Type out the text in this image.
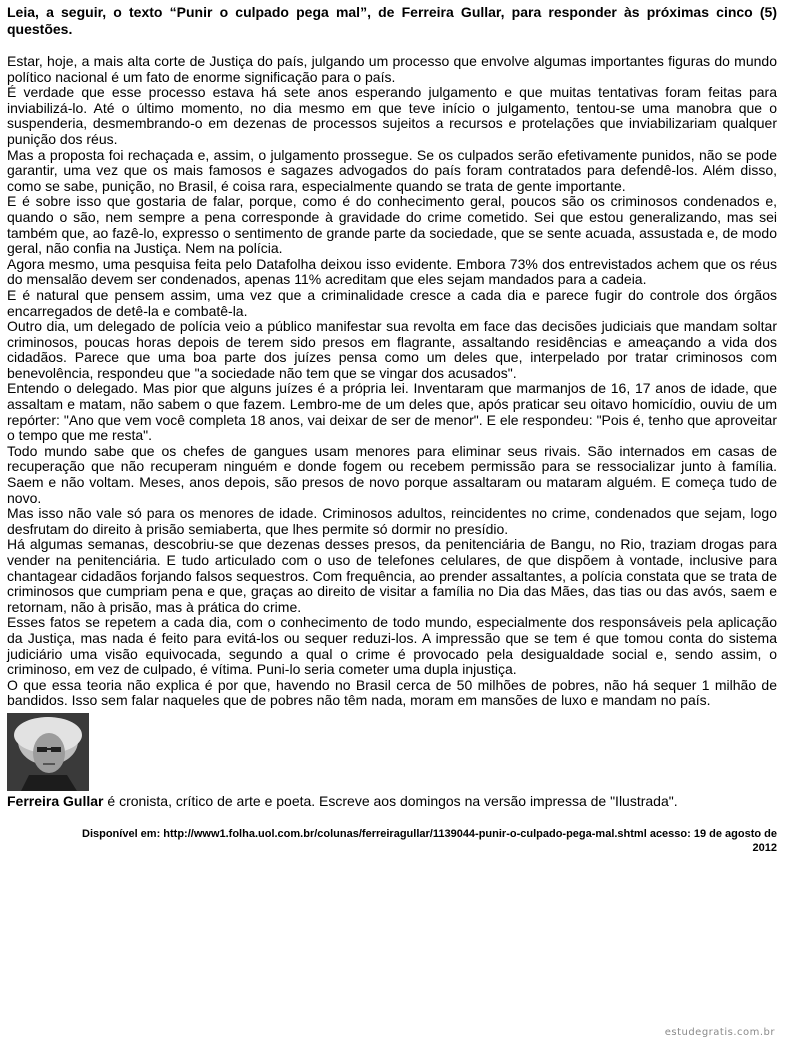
Leia, a seguir, o texto “Punir o culpado pega mal”, de Ferreira Gullar, para responder às próximas cinco (5) questões.

Estar, hoje, a mais alta corte de Justiça do país, julgando um processo que envolve algumas importantes figuras do mundo político nacional é um fato de enorme significação para o país.

É verdade que esse processo estava há sete anos esperando julgamento e que muitas tentativas foram feitas para inviabilizá-lo. Até o último momento, no dia mesmo em que teve início o julgamento, tentou-se uma manobra que o suspenderia, desmembrando-o em dezenas de processos sujeitos a recursos e protelações que inviabilizariam qualquer punição dos réus.

Mas a proposta foi rechaçada e, assim, o julgamento prossegue. Se os culpados serão efetivamente punidos, não se pode garantir, uma vez que os mais famosos e sagazes advogados do país foram contratados para defendê-los. Além disso, como se sabe, punição, no Brasil, é coisa rara, especialmente quando se trata de gente importante.

E é sobre isso que gostaria de falar, porque, como é do conhecimento geral, poucos são os criminosos condenados e, quando o são, nem sempre a pena corresponde à gravidade do crime cometido. Sei que estou generalizando, mas sei também que, ao fazê-lo, expresso o sentimento de grande parte da sociedade, que se sente acuada, assustada e, de modo geral, não confia na Justiça. Nem na polícia.

Agora mesmo, uma pesquisa feita pelo Datafolha deixou isso evidente. Embora 73% dos entrevistados achem que os réus do mensalão devem ser condenados, apenas 11% acreditam que eles sejam mandados para a cadeia.

E é natural que pensem assim, uma vez que a criminalidade cresce a cada dia e parece fugir do controle dos órgãos encarregados de detê-la e combatê-la.

Outro dia, um delegado de polícia veio a público manifestar sua revolta em face das decisões judiciais que mandam soltar criminosos, poucas horas depois de terem sido presos em flagrante, assaltando residências e ameaçando a vida dos cidadãos. Parece que uma boa parte dos juízes pensa como um deles que, interpelado por tratar criminosos com benevolência, respondeu que "a sociedade não tem que se vingar dos acusados".

Entendo o delegado. Mas pior que alguns juízes é a própria lei. Inventaram que marmanjos de 16, 17 anos de idade, que assaltam e matam, não sabem o que fazem. Lembro-me de um deles que, após praticar seu oitavo homicídio, ouviu de um repórter: "Ano que vem você completa 18 anos, vai deixar de ser de menor". E ele respondeu: "Pois é, tenho que aproveitar o tempo que me resta".

Todo mundo sabe que os chefes de gangues usam menores para eliminar seus rivais. São internados em casas de recuperação que não recuperam ninguém e donde fogem ou recebem permissão para se ressocializar junto à família. Saem e não voltam. Meses, anos depois, são presos de novo porque assaltaram ou mataram alguém. E começa tudo de novo.

Mas isso não vale só para os menores de idade. Criminosos adultos, reincidentes no crime, condenados que sejam, logo desfrutam do direito à prisão semiaberta, que lhes permite só dormir no presídio.

Há algumas semanas, descobriu-se que dezenas desses presos, da penitenciária de Bangu, no Rio, traziam drogas para vender na penitenciária. E tudo articulado com o uso de telefones celulares, de que dispõem à vontade, inclusive para chantagear cidadãos forjando falsos sequestros. Com frequência, ao prender assaltantes, a polícia constata que se trata de criminosos que cumpriam pena e que, graças ao direito de visitar a família no Dia das Mães, das tias ou das avós, saem e retornam, não à prisão, mas à prática do crime.

Esses fatos se repetem a cada dia, com o conhecimento de todo mundo, especialmente dos responsáveis pela aplicação da Justiça, mas nada é feito para evitá-los ou sequer reduzi-los. A impressão que se tem é que tomou conta do sistema judiciário uma visão equivocada, segundo a qual o crime é provocado pela desigualdade social e, sendo assim, o criminoso, em vez de culpado, é vítima. Puni-lo seria cometer uma dupla injustiça.

O que essa teoria não explica é por que, havendo no Brasil cerca de 50 milhões de pobres, não há sequer 1 milhão de bandidos. Isso sem falar naqueles que de pobres não têm nada, moram em mansões de luxo e mandam no país.

Ferreira Gullar é cronista, crítico de arte e poeta. Escreve aos domingos na versão impressa de "Ilustrada".
Disponível em: http://www1.folha.uol.com.br/colunas/ferreiragullar/1139044-punir-o-culpado-pega-mal.shtml acesso: 19 de agosto de 2012
estudegratis.com.br
